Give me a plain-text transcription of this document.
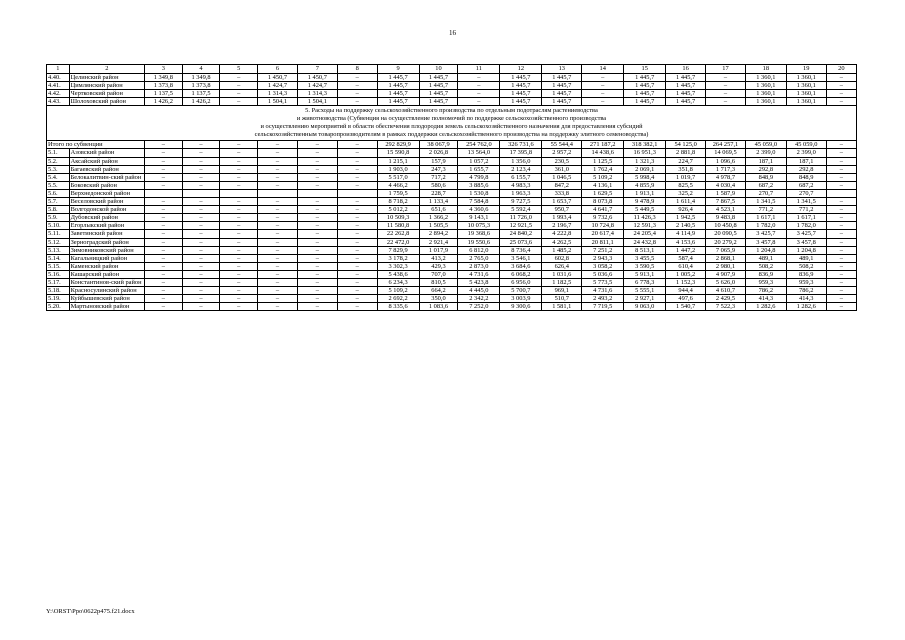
16
1	2	3	4	5	6	7	8	9	10	11	12	13	14	15	16	17	18	19	20
4.40.	Целинский район	1 349,8	1 349,8	–	1 450,7	1 450,7	–	1 445,7	1 445,7	–	1 445,7	1 445,7	–	1 445,7	1 445,7	–	1 360,1	1 360,1	–
4.41.	Цимлянский район	1 373,8	1 373,8	–	1 424,7	1 424,7	–	1 445,7	1 445,7	–	1 445,7	1 445,7	–	1 445,7	1 445,7	–	1 360,1	1 360,1	–
4.42.	Чертковский район	1 137,5	1 137,5	–	1 314,3	1 314,3	–	1 445,7	1 445,7	–	1 445,7	1 445,7	–	1 445,7	1 445,7	–	1 360,1	1 360,1	–
4.43.	Шолоховский район	1 426,2	1 426,2	–	1 504,1	1 504,1	–	1 445,7	1 445,7	–	1 445,7	1 445,7	–	1 445,7	1 445,7	–	1 360,1	1 360,1	–

5. Расходы на поддержку сельскохозяйственного производства по отдельным подотраслям растениеводства
и животноводства (Субвенция на осуществление полномочий по поддержке сельскохозяйственного производства
и осуществлению мероприятий в области обеспечения плодородия земель сельскохозяйственного назначения для предоставления субсидий
сельскохозяйственным товаропроизводителям в рамках поддержки сельскохозяйственного производства на поддержку элитного семеноводства)																			

Итого по субвенции		–	–	–	–	–	–	292 829,9	38 067,9	254 762,0	326 731,6	55 544,4	271 187,2	318 382,1	54 125,0	264 257,1	45 059,0	45 059,0	–
5.1.	Азовский район	–	–	–	–	–	–	15 590,8	2 026,8	13 564,0	17 395,8	2 957,2	14 438,6	16 951,3	2 881,8	14 069,5	2 399,0	2 399,0	–
5.2.	Аксайский район	–	–	–	–	–	–	1 215,1	157,9	1 057,2	1 356,0	230,5	1 125,5	1 321,3	224,7	1 096,6	187,1	187,1	–
5.3.	Багаевский район	–	–	–	–	–	–	1 903,0	247,3	1 655,7	2 123,4	361,0	1 762,4	2 069,1	351,8	1 717,3	292,8	292,8	–
5.4.	Белокалитвин-ский район	–	–	–	–	–	–	5 517,0	717,2	4 799,8	6 155,7	1 046,5	5 109,2	5 998,4	1 019,7	4 978,7	848,9	848,9	–
5.5.	Боковский район	–	–	–	–	–	–	4 466,2	580,6	3 885,6	4 983,3	847,2	4 136,1	4 855,9	825,5	4 030,4	687,2	687,2	–
5.6.	Верхнедонской район							1 759,5	228,7	1 530,8	1 963,3	333,8	1 629,5	1 913,1	325,2	1 587,9	270,7	270,7	
5.7.	Веселовский район	–	–	–	–	–	–	8 718,2	1 133,4	7 584,8	9 727,5	1 653,7	8 073,8	9 478,9	1 611,4	7 867,5	1 341,5	1 341,5	–
5.8.	Волгодонской район	–	–	–	–	–	–	5 012,2	651,6	4 360,6	5 592,4	950,7	4 641,7	5 449,5	926,4	4 523,1	771,2	771,2	–
5.9.	Дубовский район	–	–	–	–	–	–	10 509,3	1 366,2	9 143,1	11 726,0	1 993,4	9 732,6	11 426,3	1 942,5	9 483,8	1 617,1	1 617,1	–
5.10.	Егорлыкский район	–	–	–	–	–	–	11 580,8	1 505,5	10 075,3	12 921,5	2 196,7	10 724,8	12 591,3	2 140,5	10 450,8	1 782,0	1 782,0	–
5.11.	Заветинский район	–	–	–	–	–	–	22 262,8	2 894,2	19 368,6	24 840,2	4 222,8	20 617,4	24 205,4	4 114,9	20 090,5	3 425,7	3 425,7	–
5.12.	Зерноградский район	–	–	–	–	–	–	22 472,0	2 921,4	19 550,6	25 073,6	4 262,5	20 811,1	24 432,8	4 153,6	20 279,2	3 457,8	3 457,8	–
5.13.	Зимовниковский район	–	–	–	–	–	–	7 829,9	1 017,9	6 812,0	8 736,4	1 485,2	7 251,2	8 513,1	1 447,2	7 065,9	1 204,8	1 204,8	–
5.14.	Кагальницкий район	–	–	–	–	–	–	3 178,2	413,2	2 765,0	3 546,1	602,8	2 943,3	3 455,5	587,4	2 868,1	489,1	489,1	–
5.15.	Каменский район	–	–	–	–	–	–	3 302,3	429,3	2 873,0	3 684,6	626,4	3 058,2	3 590,5	610,4	2 980,1	508,2	508,2	–
5.16.	Кашарский район	–	–	–	–	–	–	5 438,6	707,0	4 731,6	6 068,2	1 031,6	5 036,6	5 913,1	1 005,2	4 907,9	836,9	836,9	–
5.17.	Константинов-ский район	–	–	–	–	–	–	6 234,3	810,5	5 423,8	6 956,0	1 182,5	5 773,5	6 778,3	1 152,3	5 626,0	959,3	959,3	–
5.18.	Красносулинский район	–	–	–	–	–	–	5 109,2	664,2	4 445,0	5 700,7	969,1	4 731,6	5 555,1	944,4	4 610,7	786,2	786,2	–
5.19.	Куйбышевский район	–	–	–	–	–	–	2 692,2	350,0	2 342,2	3 003,9	510,7	2 493,2	2 927,1	497,6	2 429,5	414,3	414,3	–
5.20.	Мартыновский район	–	–	–	–	–	–	8 335,6	1 083,6	7 252,0	9 300,6	1 581,1	7 719,5	9 063,0	1 540,7	7 522,3	1 282,6	1 282,6	–
Y:\ORST\Ppo\0622p475.f21.docx
